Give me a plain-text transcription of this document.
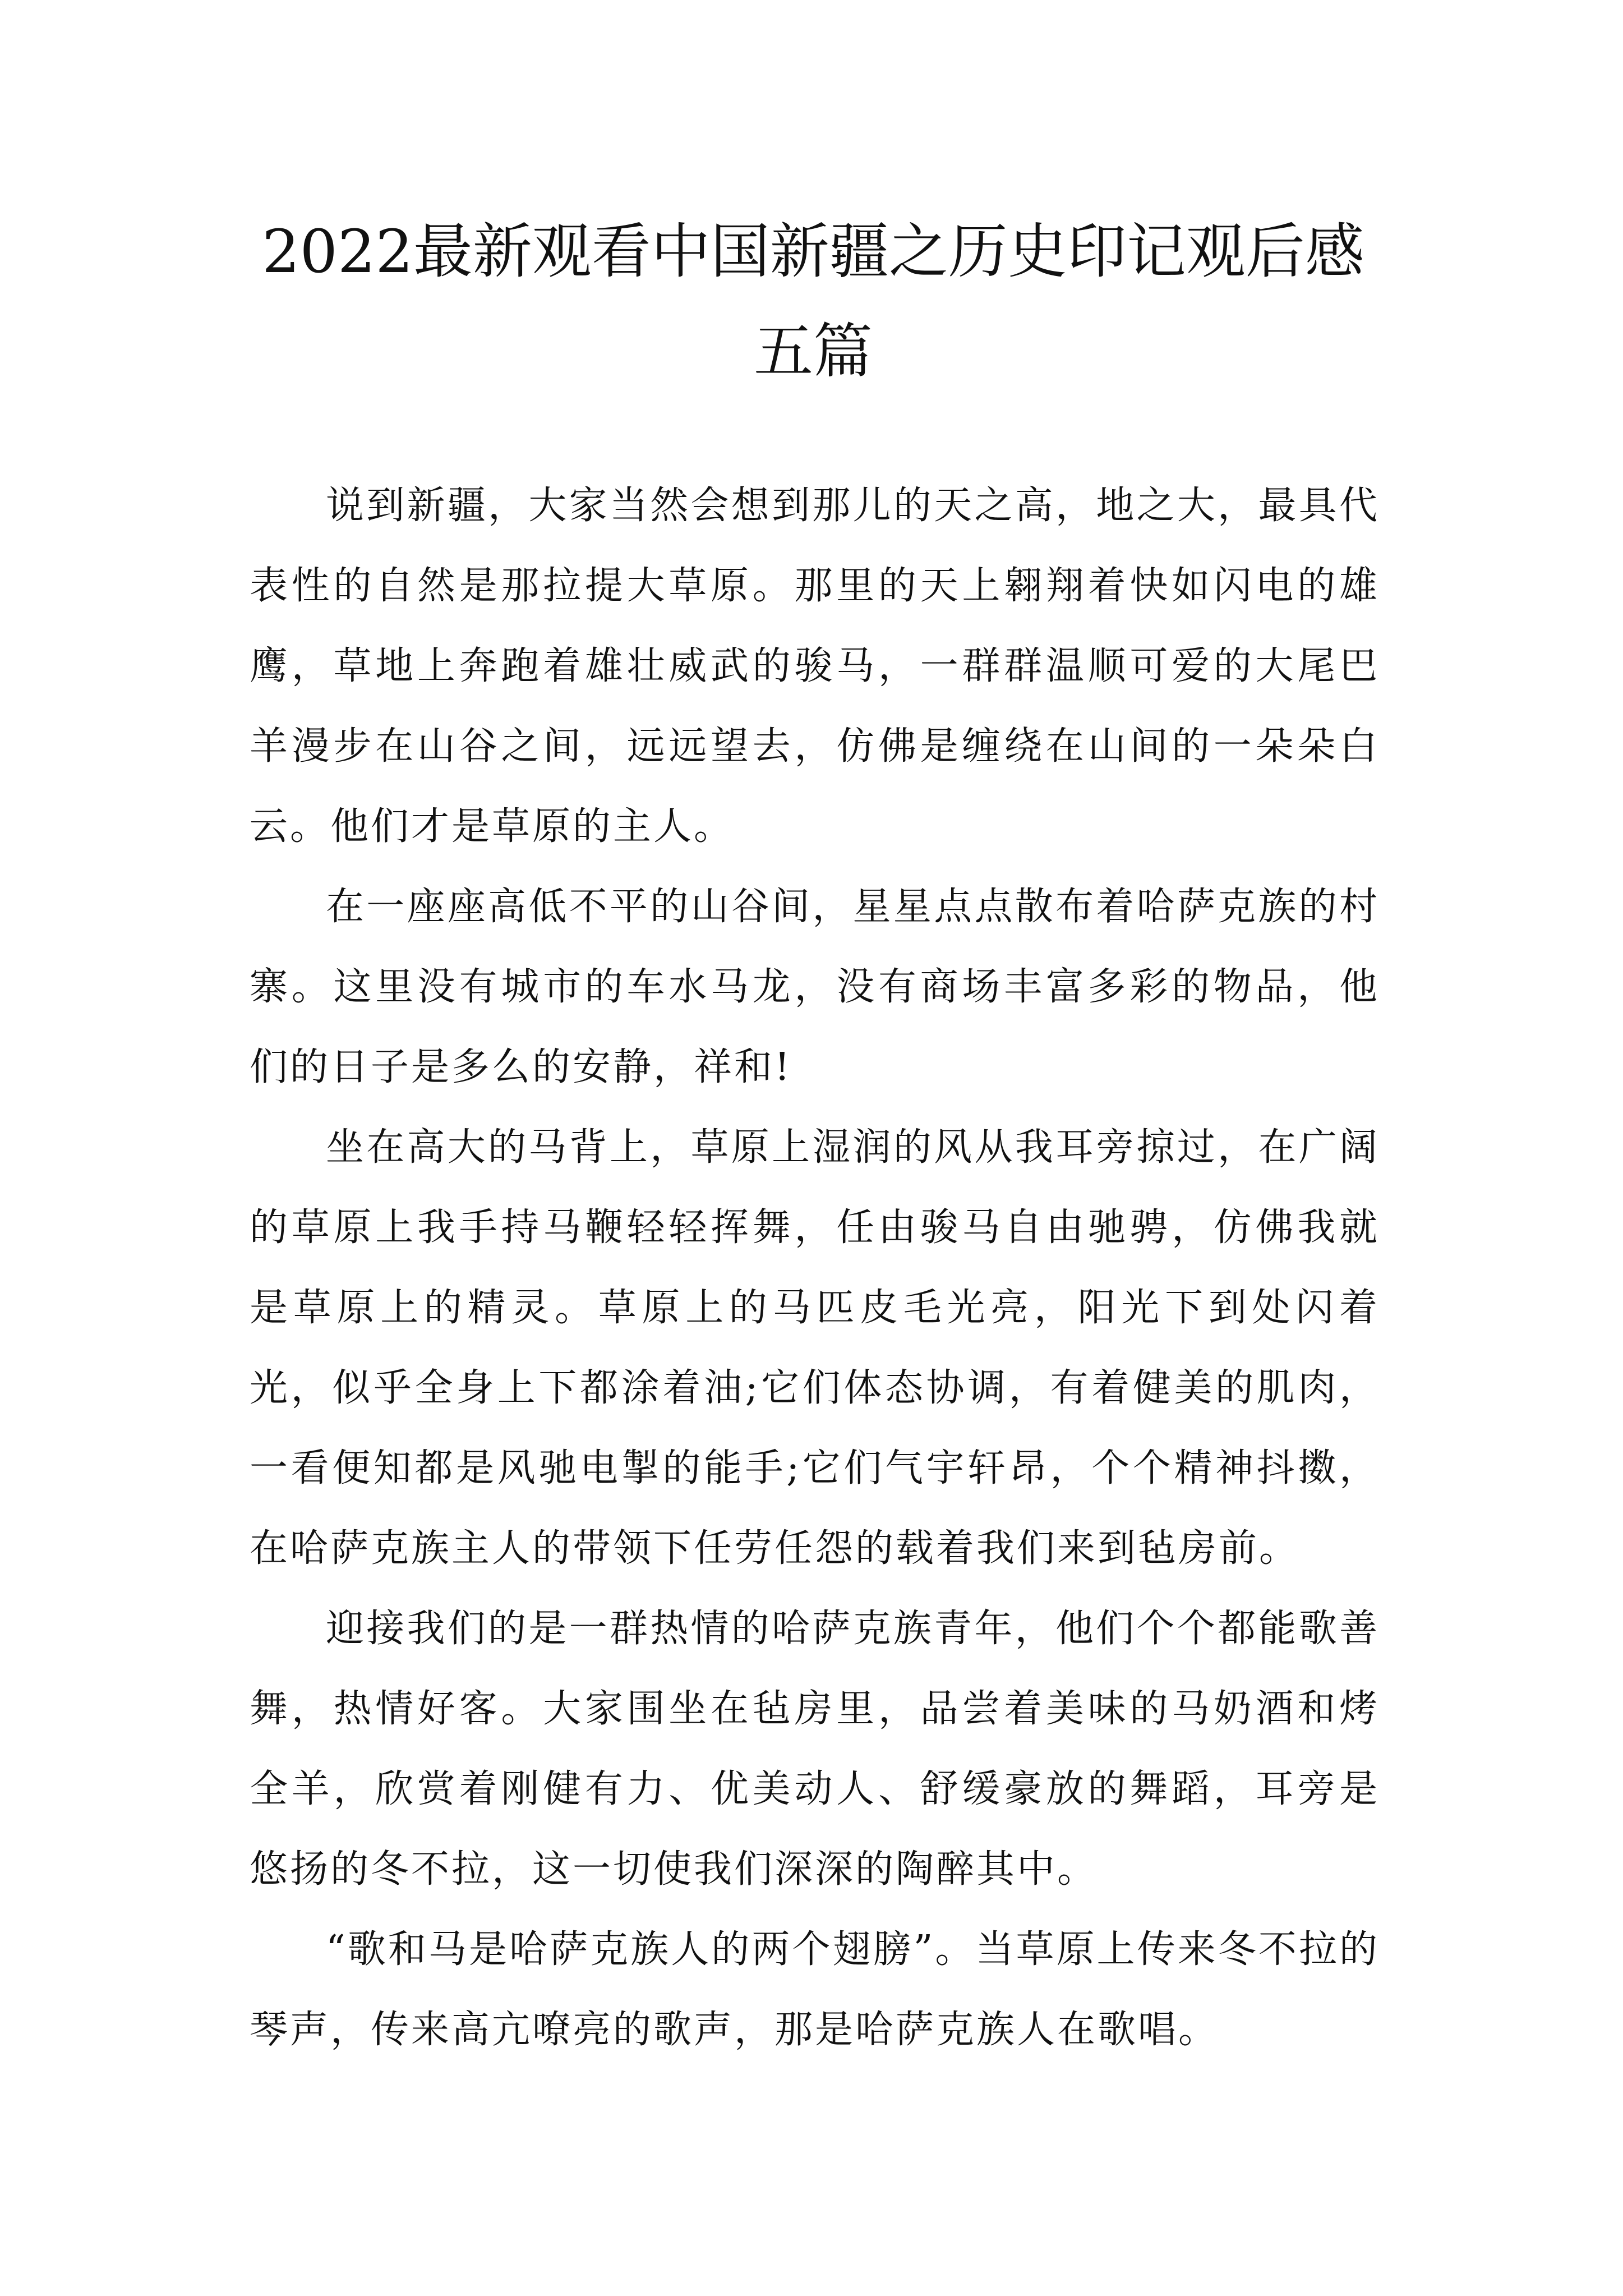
2022最新观看中国新疆之历史印记观后感五篇

说到新疆，大家当然会想到那儿的天之高，地之大，最具代表性的自然是那拉提大草原。那里的天上翱翔着快如闪电的雄鹰，草地上奔跑着雄壮威武的骏马，一群群温顺可爱的大尾巴羊漫步在山谷之间，远远望去，仿佛是缠绕在山间的一朵朵白云。他们才是草原的主人。

在一座座高低不平的山谷间，星星点点散布着哈萨克族的村寨。这里没有城市的车水马龙，没有商场丰富多彩的物品，他们的日子是多么的安静，祥和!

坐在高大的马背上，草原上湿润的风从我耳旁掠过，在广阔的草原上我手持马鞭轻轻挥舞，任由骏马自由驰骋，仿佛我就是草原上的精灵。草原上的马匹皮毛光亮，阳光下到处闪着光，似乎全身上下都涂着油;它们体态协调，有着健美的肌肉，一看便知都是风驰电掣的能手;它们气宇轩昂，个个精神抖擞，在哈萨克族主人的带领下任劳任怨的载着我们来到毡房前。

迎接我们的是一群热情的哈萨克族青年，他们个个都能歌善舞，热情好客。大家围坐在毡房里，品尝着美味的马奶酒和烤全羊，欣赏着刚健有力、优美动人、舒缓豪放的舞蹈，耳旁是悠扬的冬不拉，这一切使我们深深的陶醉其中。

“歌和马是哈萨克族人的两个翅膀”。当草原上传来冬不拉的琴声，传来高亢嘹亮的歌声，那是哈萨克族人在歌唱。
